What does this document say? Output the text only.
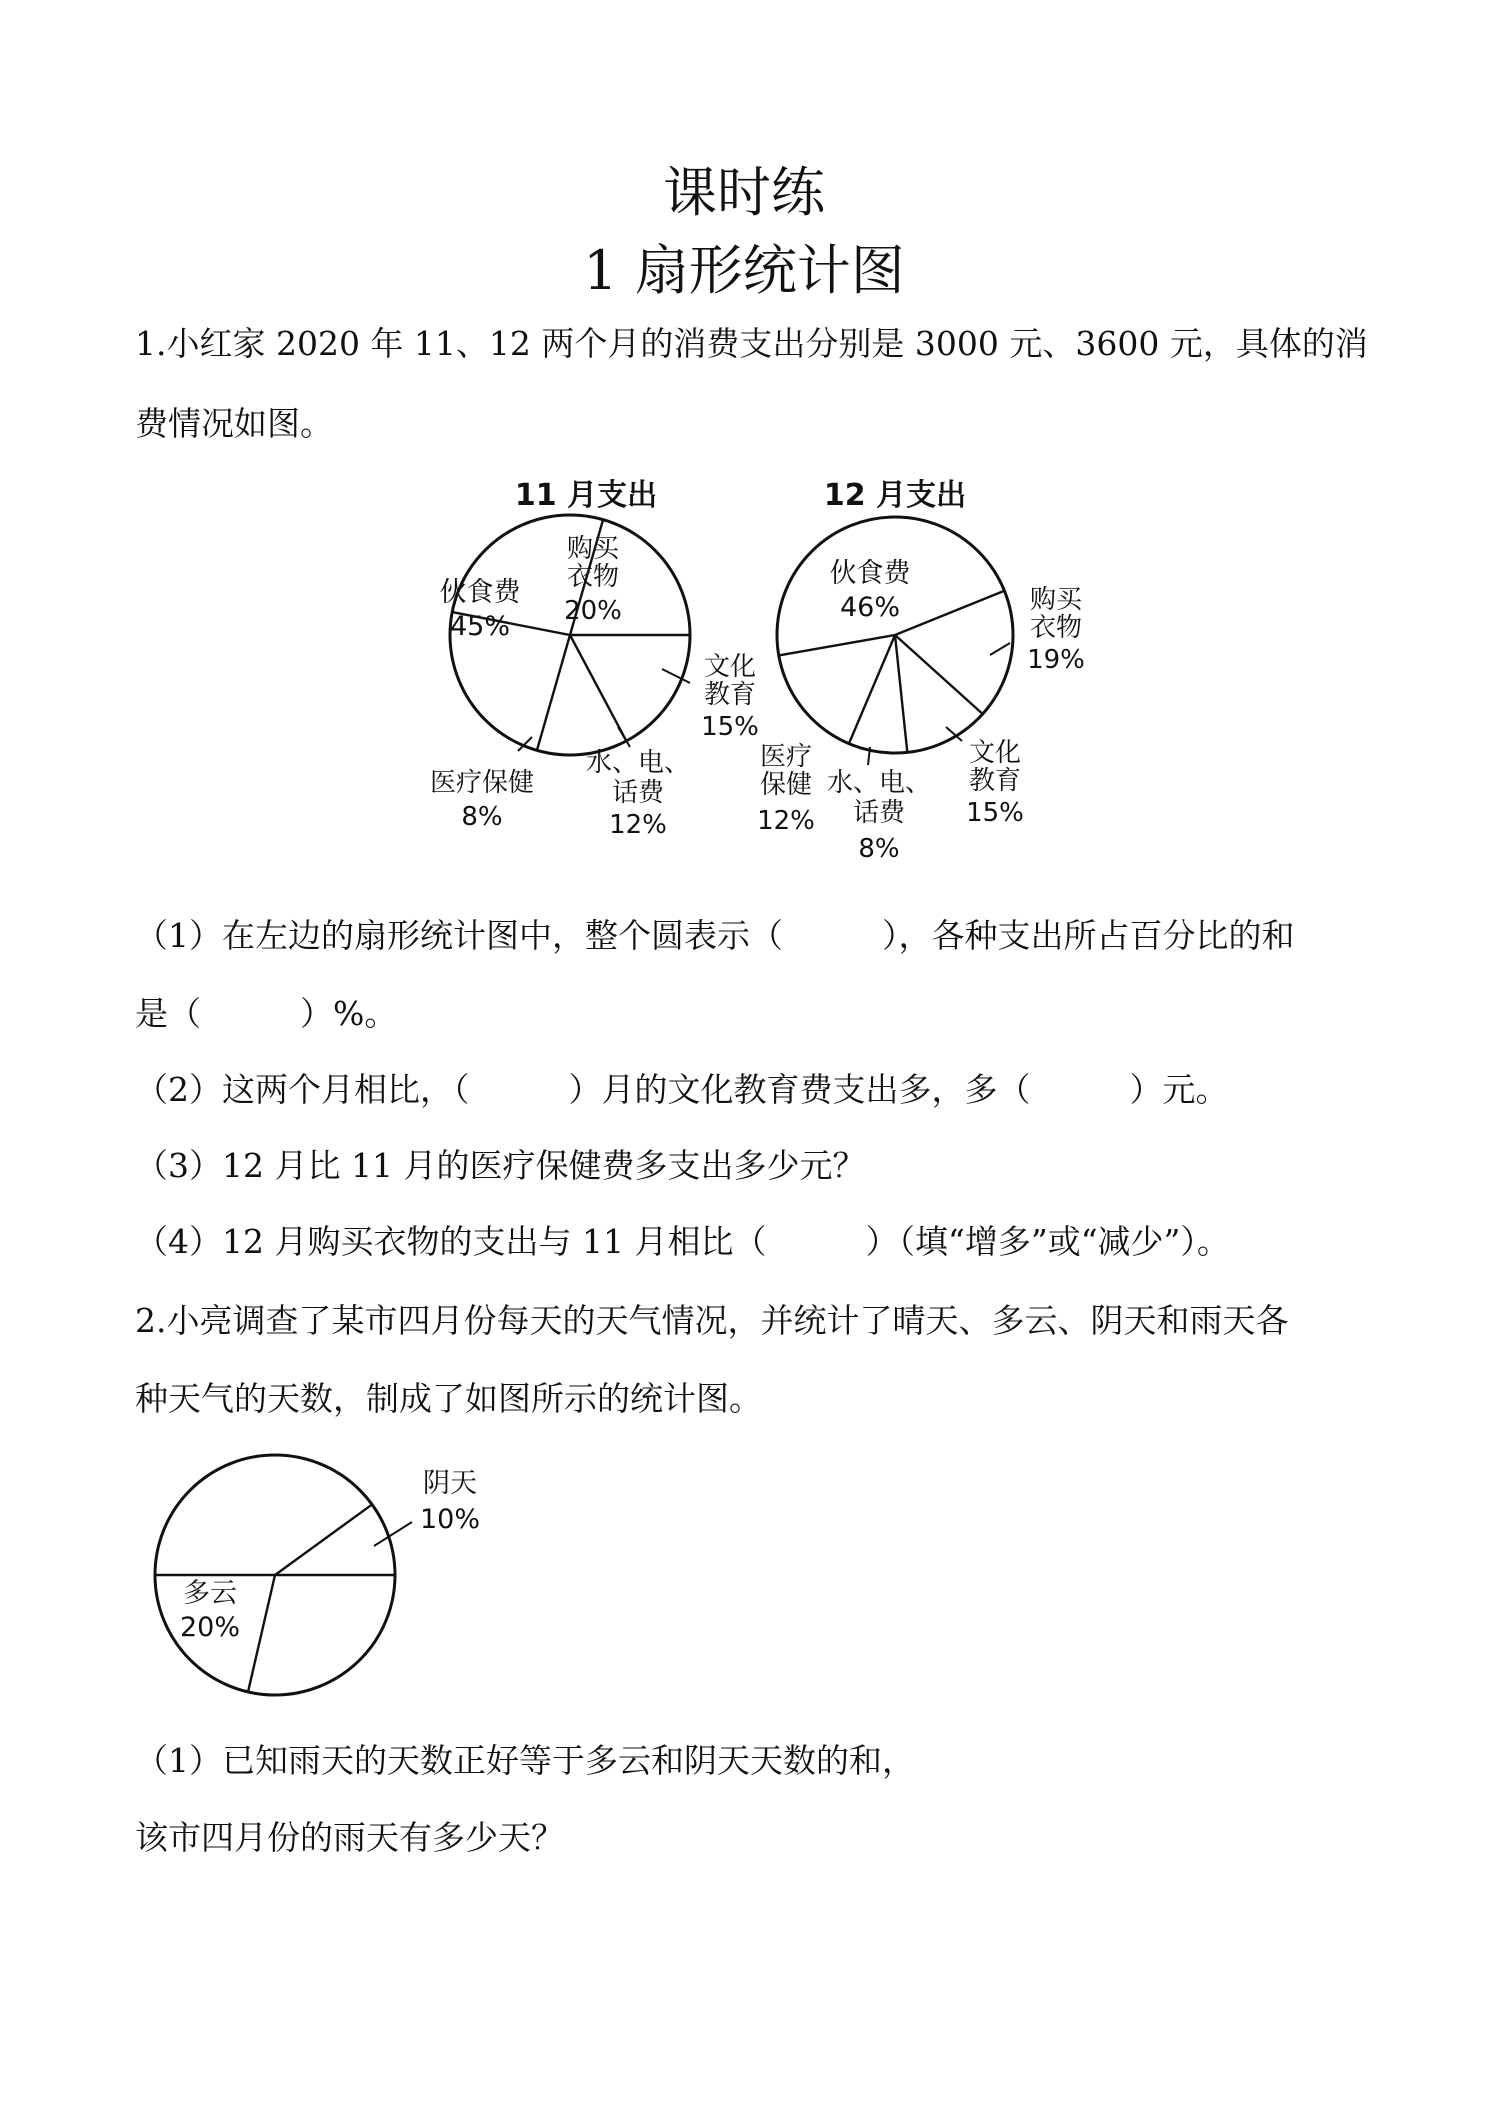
课时练
1 扇形统计图
1.小红家 2020 年 11、12 两个月的消费支出分别是 3000 元、3600 元，具体的消
费情况如图。
11 月支出
伙食费 45%
购买衣物 20%
文化教育 15%
水、电、话费 12%
医疗保健 8%
12 月支出
伙食费 46%	购买衣物 19%
文化教育 15%
水、电、话费 8%
医疗保健 12%
（1）在左边的扇形统计图中，整个圆表示（　　　），各种支出所占百分比的和
是（　　　）%。
（2）这两个月相比，（　　　）月的文化教育费支出多，多（　　　）元。
（3）12 月比 11 月的医疗保健费多支出多少元？
（4）12 月购买衣物的支出与 11 月相比（　　　）（填“增多”或“减少”）。
2.小亮调查了某市四月份每天的天气情况，并统计了晴天、多云、阴天和雨天各
种天气的天数，制成了如图所示的统计图。
阴天 10%
多云 20%
（1）已知雨天的天数正好等于多云和阴天天数的和，
该市四月份的雨天有多少天？
